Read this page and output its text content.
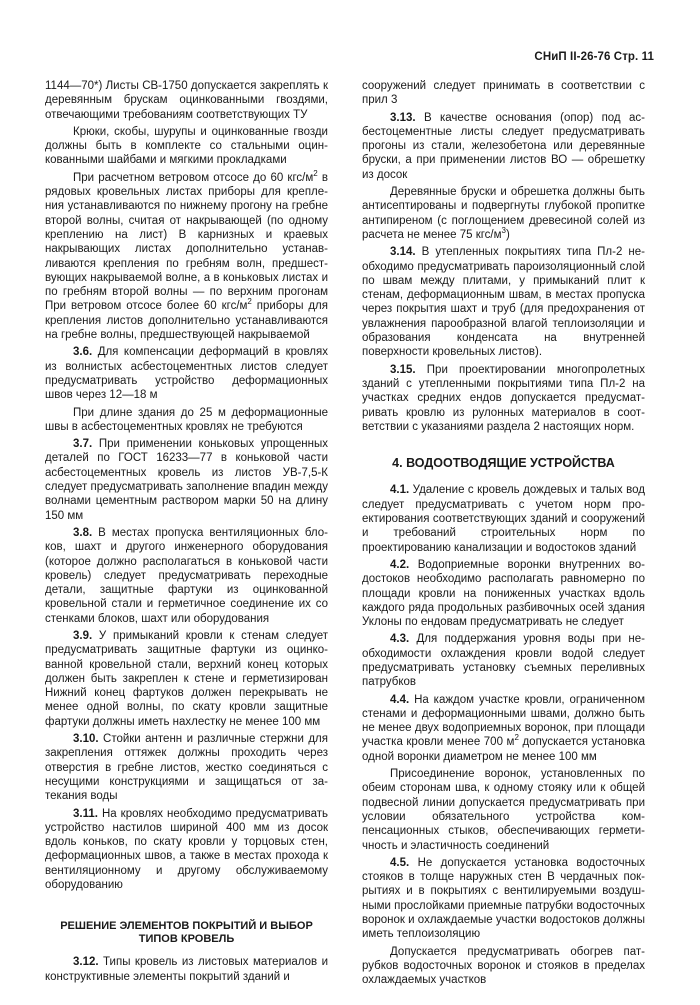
СНиП II-26-76 Стр. 11

1144—70*) Листы СВ-1750 допускается закреплять к деревянным брускам оцинкованными гвоздями, отвечающими требованиям соответствующих ТУ

Крюки, скобы, шурупы и оцинкованные гвозди должны быть в комплекте со стальными оцинкованными шайбами и мягкими прокладками

При расчетном ветровом отсосе до 60 кгс/$м^2$ в рядовых кровельных листах приборы для крепления устанавливаются по нижнему прогону на гребне второй волны, считая от накрывающей (по одному креплению на лист) В карнизных и краевых накрывающих листах дополнительно устанавливаются крепления по гребням волн, предшествующих накрываемой волне, а в коньковых листах и по гребням второй волны — по верхним прогонам При ветровом отсосе более 60 кгс/$м^2$ приборы для крепления листов дополнительно устанавливаются на гребне волны, предшествующей накрываемой

3.6. Для компенсации деформаций в кровлях из волнистых асбестоцементных листов следует предусматривать устройство деформационных швов через 12—18 м

При длине здания до 25 м деформационные швы в асбестоцементных кровлях не требуются

3.7. При применении коньковых упрощенных деталей по ГОСТ 16233—77 в коньковой части асбестоцементных кровель из листов УВ-7,5-К следует предусматривать заполнение впадин между волнами цементным раствором марки 50 на длину 150 мм

3.8. В местах пропуска вентиляционных блоков, шахт и другого инженерного оборудования (которое должно располагаться в коньковой части кровель) следует предусматривать переходные детали, защитные фартуки из оцинкованной кровельной стали и герметичное соединение их со стенками блоков, шахт или оборудования

3.9. У примыканий кровли к стенам следует предусматривать защитные фартуки из оцинкованной кровельной стали, верхний конец которых должен быть закреплен к стене и герметизирован Нижний конец фартуков должен перекрывать не менее одной волны, по скату кровли защитные фартуки должны иметь нахлестку не менее 100 мм

3.10. Стойки антенн и различные стержни для закрепления оттяжек должны проходить через отверстия в гребне листов, жестко соединяться с несущими конструкциями и защищаться от затекания воды

3.11. На кровлях необходимо предусматривать устройство настилов шириной 400 мм из досок вдоль коньков, по скату кровли у торцовых стен, деформационных швов, а также в местах прохода к вентиляционному и другому обслуживаемому оборудованию

РЕШЕНИЕ ЭЛЕМЕНТОВ ПОКРЫТИЙ И ВЫБОР ТИПОВ КРОВЕЛЬ

3.12. Типы кровель из листовых материалов и конструктивные элементы покрытий зданий и

сооружений следует принимать в соответствии с прил 3

3.13. В качестве основания (опор) под асбестоцементные листы следует предусматривать прогоны из стали, железобетона или деревянные бруски, а при применении листов ВО — обрешетку из досок

Деревянные бруски и обрешетка должны быть антисептированы и подвергнуты глубокой пропитке антипиреном (с поглощением древесиной солей из расчета не менее 75 кгс/$м^3$)

3.14. В утепленных покрытиях типа Пл-2 необходимо предусматривать пароизоляционный слой по швам между плитами, у примыканий плит к стенам, деформационным швам, в местах пропуска через покрытия шахт и труб (для предохранения от увлажнения парообразной влагой теплоизоляции и образования конденсата на внутренней поверхности кровельных листов).

3.15. При проектировании многопролетных зданий с утепленными покрытиями типа Пл-2 на участках средних ендов допускается предусматривать кровлю из рулонных материалов в соответствии с указаниями раздела 2 настоящих норм.

4. ВОДООТВОДЯЩИЕ УСТРОЙСТВА

4.1. Удаление с кровель дождевых и талых вод следует предусматривать с учетом норм проектирования соответствующих зданий и сооружений и требований строительных норм по проектированию канализации и водостоков зданий

4.2. Водоприемные воронки внутренних водостоков необходимо располагать равномерно по площади кровли на пониженных участках вдоль каждого ряда продольных разбивочных осей здания Уклоны по ендовам предусматривать не следует

4.3. Для поддержания уровня воды при необходимости охлаждения кровли водой следует предусматривать установку съемных переливных патрубков

4.4. На каждом участке кровли, ограниченном стенами и деформационными швами, должно быть не менее двух водоприемных воронок, при площади участка кровли менее 700 $м^2$ допускается установка одной воронки диаметром не менее 100 мм

Присоединение воронок, установленных по обеим сторонам шва, к одному стояку или к общей подвесной линии допускается предусматривать при условии обязательного устройства компенсационных стыков, обеспечивающих герметичность и эластичность соединений

4.5. Не допускается установка водосточных стояков в толще наружных стен В чердачных покрытиях и в покрытиях с вентилируемыми воздушными прослойками приемные патрубки водосточных воронок и охлаждаемые участки водостоков должны иметь теплоизоляцию

Допускается предусматривать обогрев патрубков водосточных воронок и стояков в пределах охлаждаемых участков
